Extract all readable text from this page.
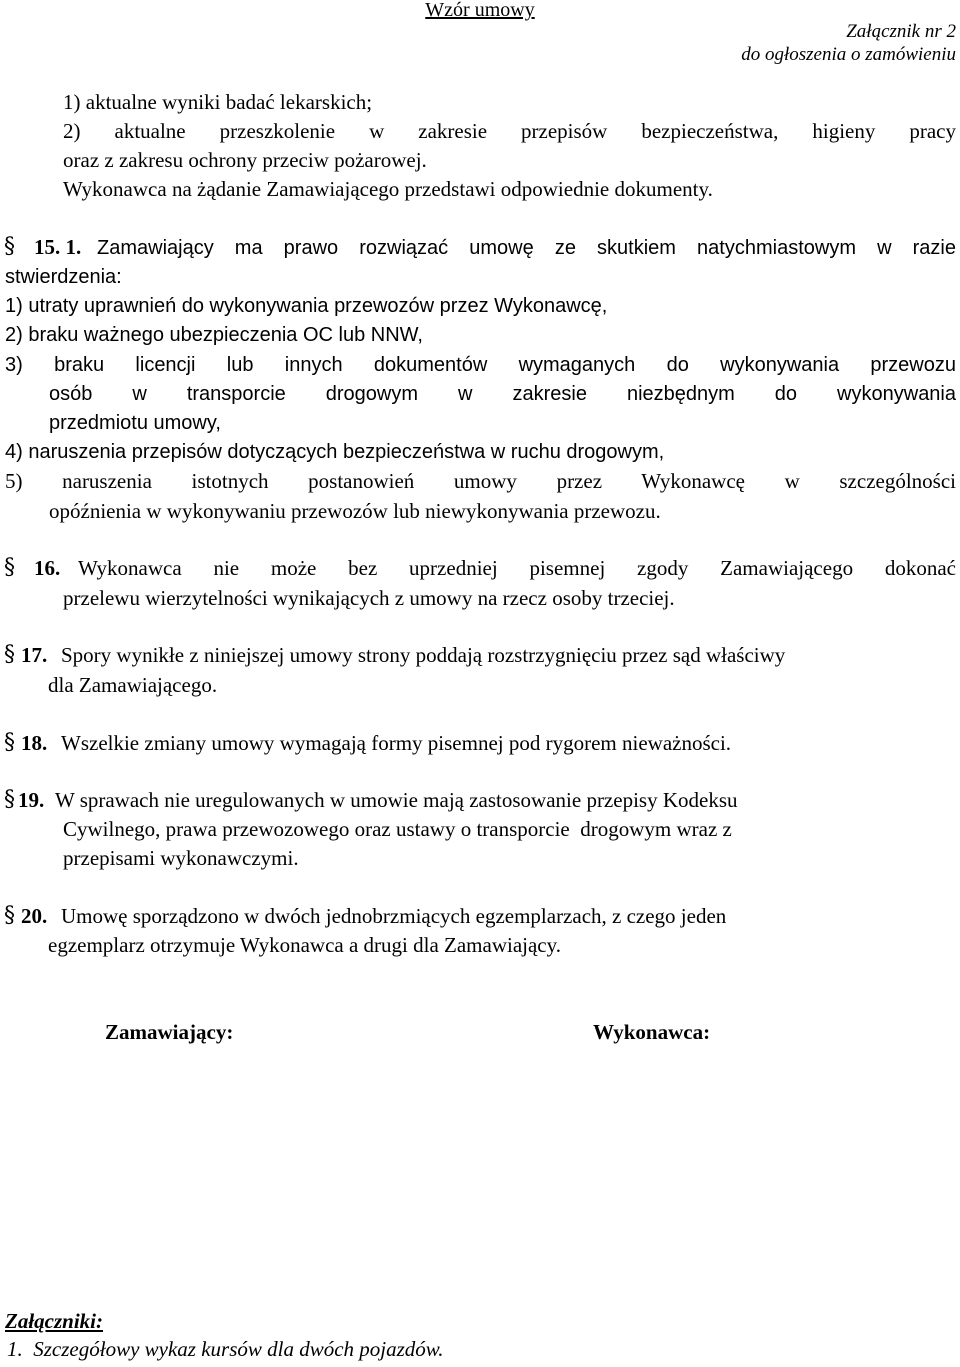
Wzór umowy
Załącznik nr 2
do ogłoszenia o zamówieniu
1) aktualne wyniki badać lekarskich;
2) aktualne przeszkolenie w zakresie przepisów bezpieczeństwa, higieny pracy
oraz z zakresu ochrony przeciw pożarowej.
Wykonawca na żądanie Zamawiającego przedstawi odpowiednie dokumenty.
§ 15. 1. Zamawiający ma prawo rozwiązać umowę ze skutkiem natychmiastowym w razie
stwierdzenia:
1) utraty uprawnień do wykonywania przewozów przez Wykonawcę,
2) braku ważnego ubezpieczenia OC lub NNW,
3) braku licencji lub innych dokumentów wymaganych do wykonywania przewozu
osób w transporcie drogowym w zakresie niezbędnym do wykonywania
przedmiotu umowy,
4) naruszenia przepisów dotyczących bezpieczeństwa w ruchu drogowym,
5) naruszenia istotnych postanowień umowy przez Wykonawcę w szczególności
opóźnienia w wykonywaniu przewozów lub niewykonywania przewozu.
§ 16. Wykonawca nie może bez uprzedniej pisemnej zgody Zamawiającego dokonać
przelewu wierzytelności wynikających z umowy na rzecz osoby trzeciej.
§ 17. Spory wynikłe z niniejszej umowy strony poddają rozstrzygnięciu przez sąd właściwy
dla Zamawiającego.
§ 18. Wszelkie zmiany umowy wymagają formy pisemnej pod rygorem nieważności.
§ 19. W sprawach nie uregulowanych w umowie mają zastosowanie przepisy Kodeksu
Cywilnego, prawa przewozowego oraz ustawy o transporcie  drogowym wraz z
przepisami wykonawczymi.
§ 20. Umowę sporządzono w dwóch jednobrzmiących egzemplarzach, z czego jeden
egzemplarz otrzymuje Wykonawca a drugi dla Zamawiający.
Zamawiający:	Wykonawca:
Załączniki:
1.  Szczegółowy wykaz kursów dla dwóch pojazdów.
